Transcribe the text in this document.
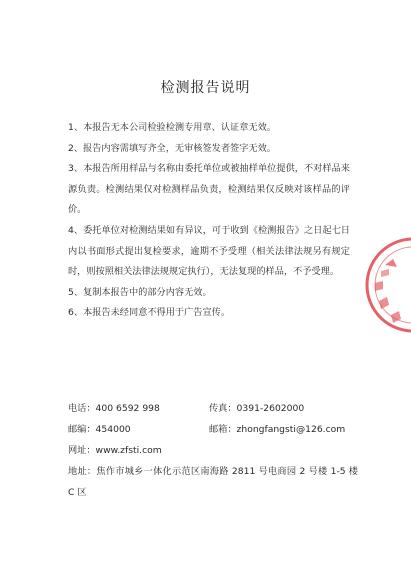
检测报告说明

1、本报告无本公司检验检测专用章、认证章无效。

2、报告内容需填写齐全，无审核签发者签字无效。

3、本报告所用样品与名称由委托单位或被抽样单位提供，不对样品来源负责。检测结果仅对检测样品负责，检测结果仅反映对该样品的评价。

4、委托单位对检测结果如有异议，可于收到《检测报告》之日起七日内以书面形式提出复检要求，逾期不予受理（相关法律法规另有规定时，则按照相关法律法规规定执行），无法复现的样品，不予受理。

5、复制本报告中的部分内容无效。

6、本报告未经同意不得用于广告宣传。

电话：400 6592 998	传真：0391-2602000
邮编：454000	邮箱：zhongfangsti@126.com
网址：www.zfsti.com
地址：焦作市城乡一体化示范区南海路 2811 号电商园 2 号楼 1-5 楼 C 区
